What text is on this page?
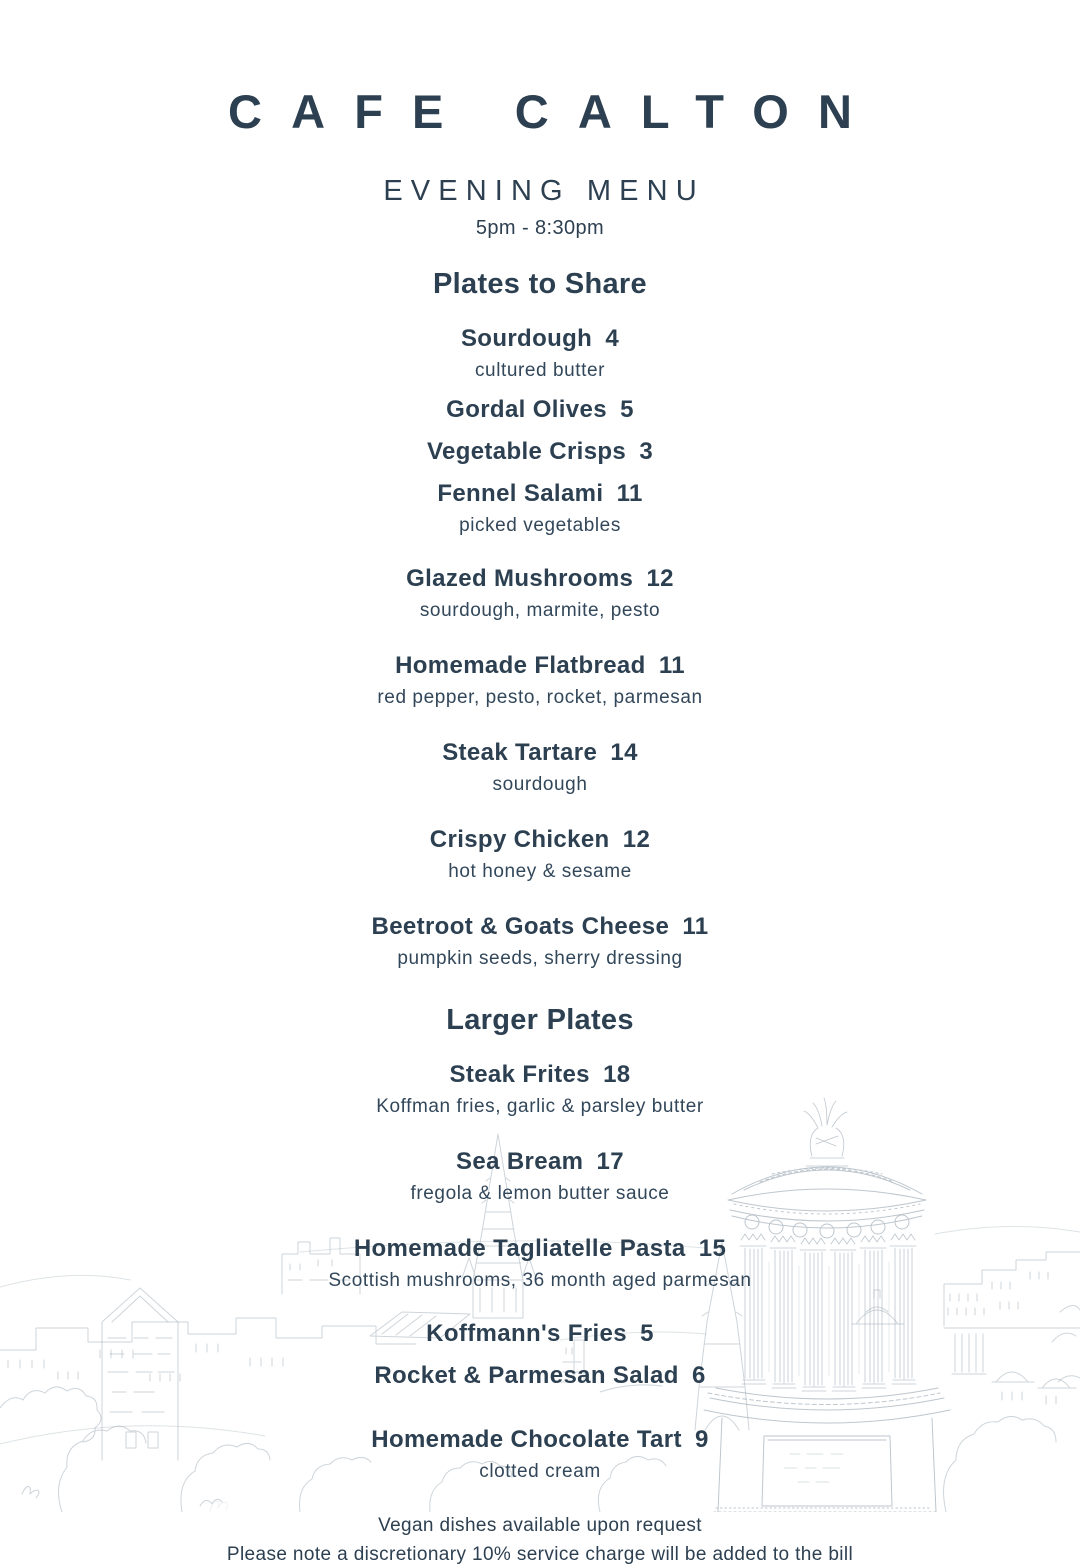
CAFE CALTON
EVENING MENU
5pm - 8:30pm
Plates to Share
Sourdough 4
cultured butter
Gordal Olives 5
Vegetable Crisps 3
Fennel Salami 11
picked vegetables
Glazed Mushrooms 12
sourdough, marmite, pesto
Homemade Flatbread 11
red pepper, pesto, rocket, parmesan
Steak Tartare 14
sourdough
Crispy Chicken 12
hot honey & sesame
Beetroot & Goats Cheese 11
pumpkin seeds, sherry dressing
Larger Plates
Steak Frites 18
Koffman fries, garlic & parsley butter
Sea Bream 17
fregola & lemon butter sauce
Homemade Tagliatelle Pasta 15
Scottish mushrooms, 36 month aged parmesan
Koffmann's Fries 5
Rocket & Parmesan Salad 6
Homemade Chocolate Tart 9
clotted cream
Vegan dishes available upon request
Please note a discretionary 10% service charge will be added to the bill
